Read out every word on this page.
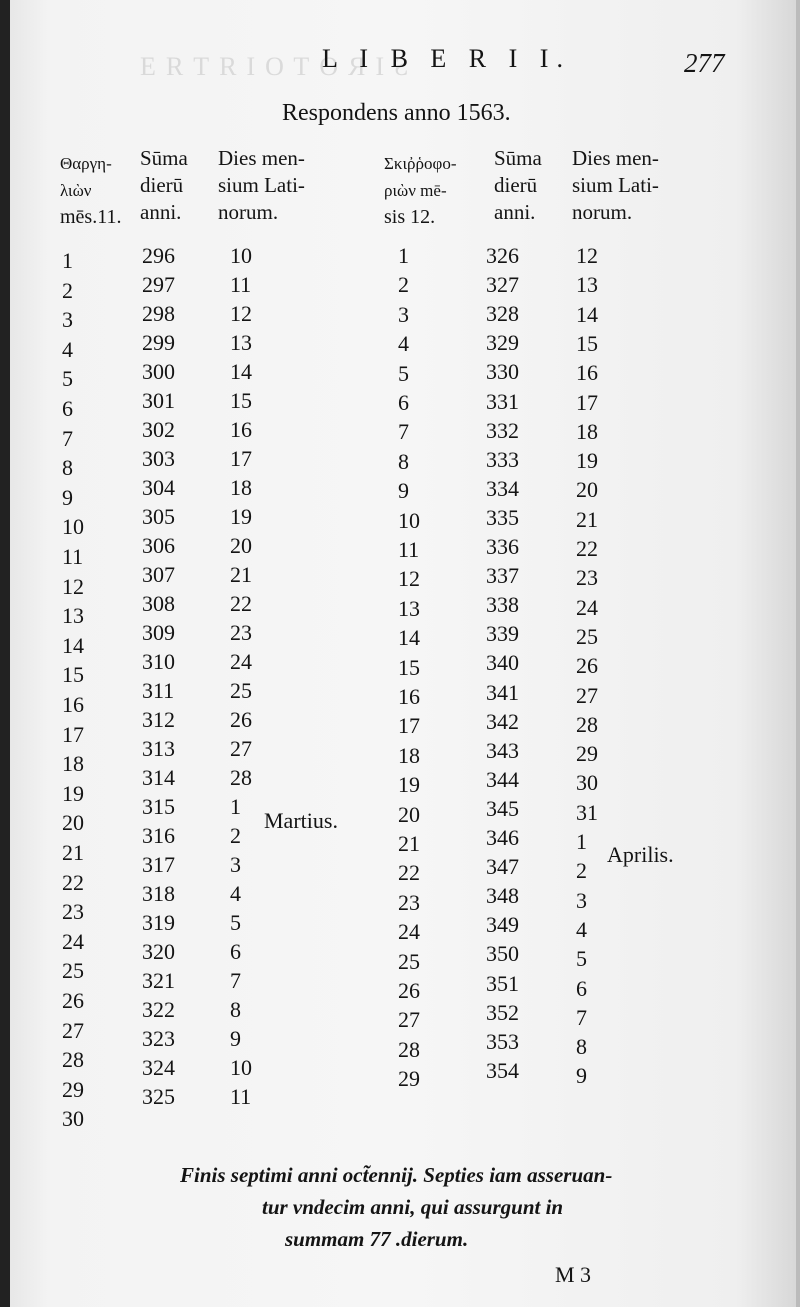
SIROTOIЯTЯƎ
L I B E R I I.	277
Respondens anno 1563.
Θαργη-
λιὼν
mēs.11.
Sūma
dierū
anni.
Dies men-
sium Lati-
norum.
Σκιῤῥοφο-
ριὼν mē-
sis 12.
Sūma
dierū
anni.
Dies men-
sium Lati-
norum.
1
2
3
4
5
6
7
8
9
10
11
12
13
14
15
16
17
18
19
20
21
22
23
24
25
26
27
28
29
30
296
297
298
299
300
301
302
303
304
305
306
307
308
309
310
311
312
313
314
315
316
317
318
319
320
321
322
323
324
325
10
11
12
13
14
15
16
17
18
19
20
21
22
23
24
25
26
27
28
1
2
3
4
5
6
7
8
9
10
11
1
2
3
4
5
6
7
8
9
10
11
12
13
14
15
16
17
18
19
20
21
22
23
24
25
26
27
28
29
326
327
328
329
330
331
332
333
334
335
336
337
338
339
340
341
342
343
344
345
346
347
348
349
350
351
352
353
354
12
13
14
15
16
17
18
19
20
21
22
23
24
25
26
27
28
29
30
31
1
2
3
4
5
6
7
8
9
Martius.
Aprilis.
Finis septimi anni oct̃ennij. Septies iam asseruan-
tur vndecim anni, qui assurgunt in
summam 77 .dierum.
M 3
